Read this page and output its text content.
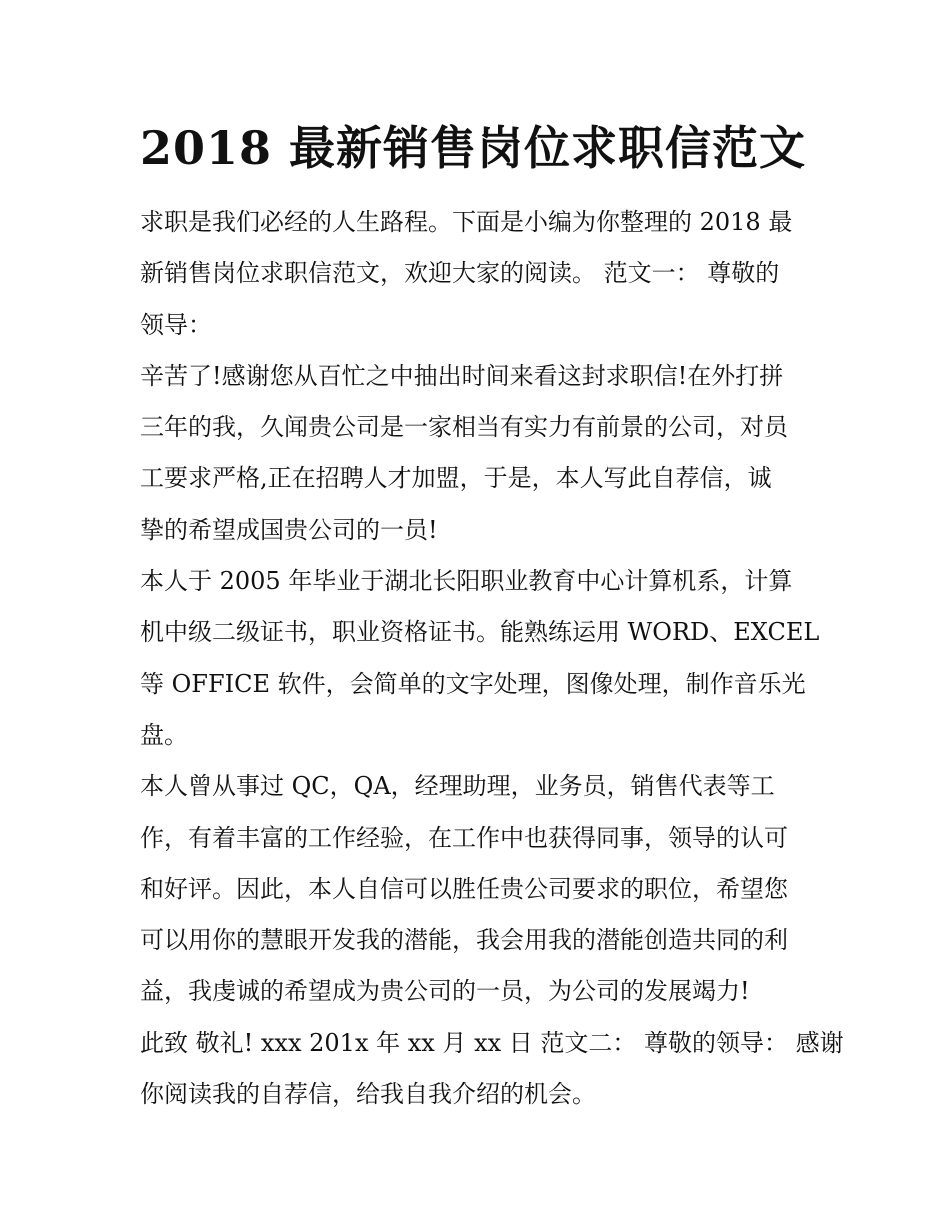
2018 最新销售岗位求职信范文
求职是我们必经的人生路程。下面是小编为你整理的 2018 最
新销售岗位求职信范文，欢迎大家的阅读。 范文一： 尊敬的
领导：
辛苦了!感谢您从百忙之中抽出时间来看这封求职信!在外打拼
三年的我，久闻贵公司是一家相当有实力有前景的公司，对员
工要求严格,正在招聘人才加盟，于是，本人写此自荐信，诚
挚的希望成国贵公司的一员!
本人于 2005 年毕业于湖北长阳职业教育中心计算机系，计算
机中级二级证书，职业资格证书。能熟练运用 WORD、EXCEL
等 OFFICE 软件，会简单的文字处理，图像处理，制作音乐光
盘。
本人曾从事过 QC，QA，经理助理，业务员，销售代表等工
作，有着丰富的工作经验，在工作中也获得同事，领导的认可
和好评。因此，本人自信可以胜任贵公司要求的职位，希望您
可以用你的慧眼开发我的潜能，我会用我的潜能创造共同的利
益，我虔诚的希望成为贵公司的一员，为公司的发展竭力!
此致 敬礼! xxx 201x 年 xx 月 xx 日 范文二： 尊敬的领导： 感谢
你阅读我的自荐信，给我自我介绍的机会。
